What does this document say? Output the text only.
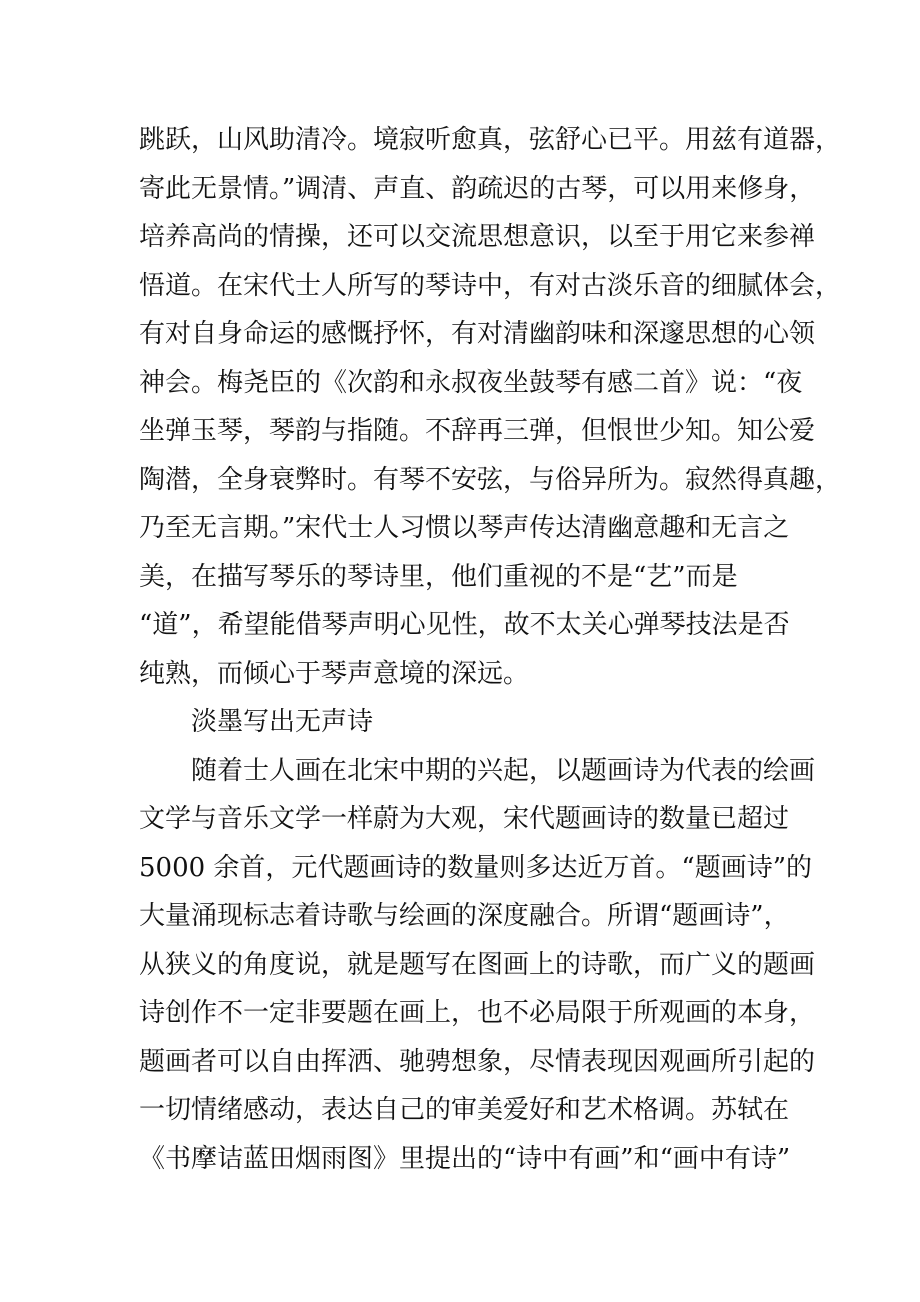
跳跃，山风助清冷。境寂听愈真，弦舒心已平。用兹有道器，
寄此无景情。”调清、声直、韵疏迟的古琴，可以用来修身，
培养高尚的情操，还可以交流思想意识，以至于用它来参禅
悟道。在宋代士人所写的琴诗中，有对古淡乐音的细腻体会，
有对自身命运的感慨抒怀，有对清幽韵味和深邃思想的心领
神会。梅尧臣的《次韵和永叔夜坐鼓琴有感二首》说：“夜
坐弹玉琴，琴韵与指随。不辞再三弹，但恨世少知。知公爱
陶潜，全身衰弊时。有琴不安弦，与俗异所为。寂然得真趣，
乃至无言期。”宋代士人习惯以琴声传达清幽意趣和无言之
美，在描写琴乐的琴诗里，他们重视的不是“艺”而是
“道”，希望能借琴声明心见性，故不太关心弹琴技法是否
纯熟，而倾心于琴声意境的深远。
淡墨写出无声诗
随着士人画在北宋中期的兴起，以题画诗为代表的绘画
文学与音乐文学一样蔚为大观，宋代题画诗的数量已超过
5000 余首，元代题画诗的数量则多达近万首。“题画诗”的
大量涌现标志着诗歌与绘画的深度融合。所谓“题画诗”，
从狭义的角度说，就是题写在图画上的诗歌，而广义的题画
诗创作不一定非要题在画上，也不必局限于所观画的本身，
题画者可以自由挥洒、驰骋想象，尽情表现因观画所引起的
一切情绪感动，表达自己的审美爱好和艺术格调。苏轼在
《书摩诘蓝田烟雨图》里提出的“诗中有画”和“画中有诗”
